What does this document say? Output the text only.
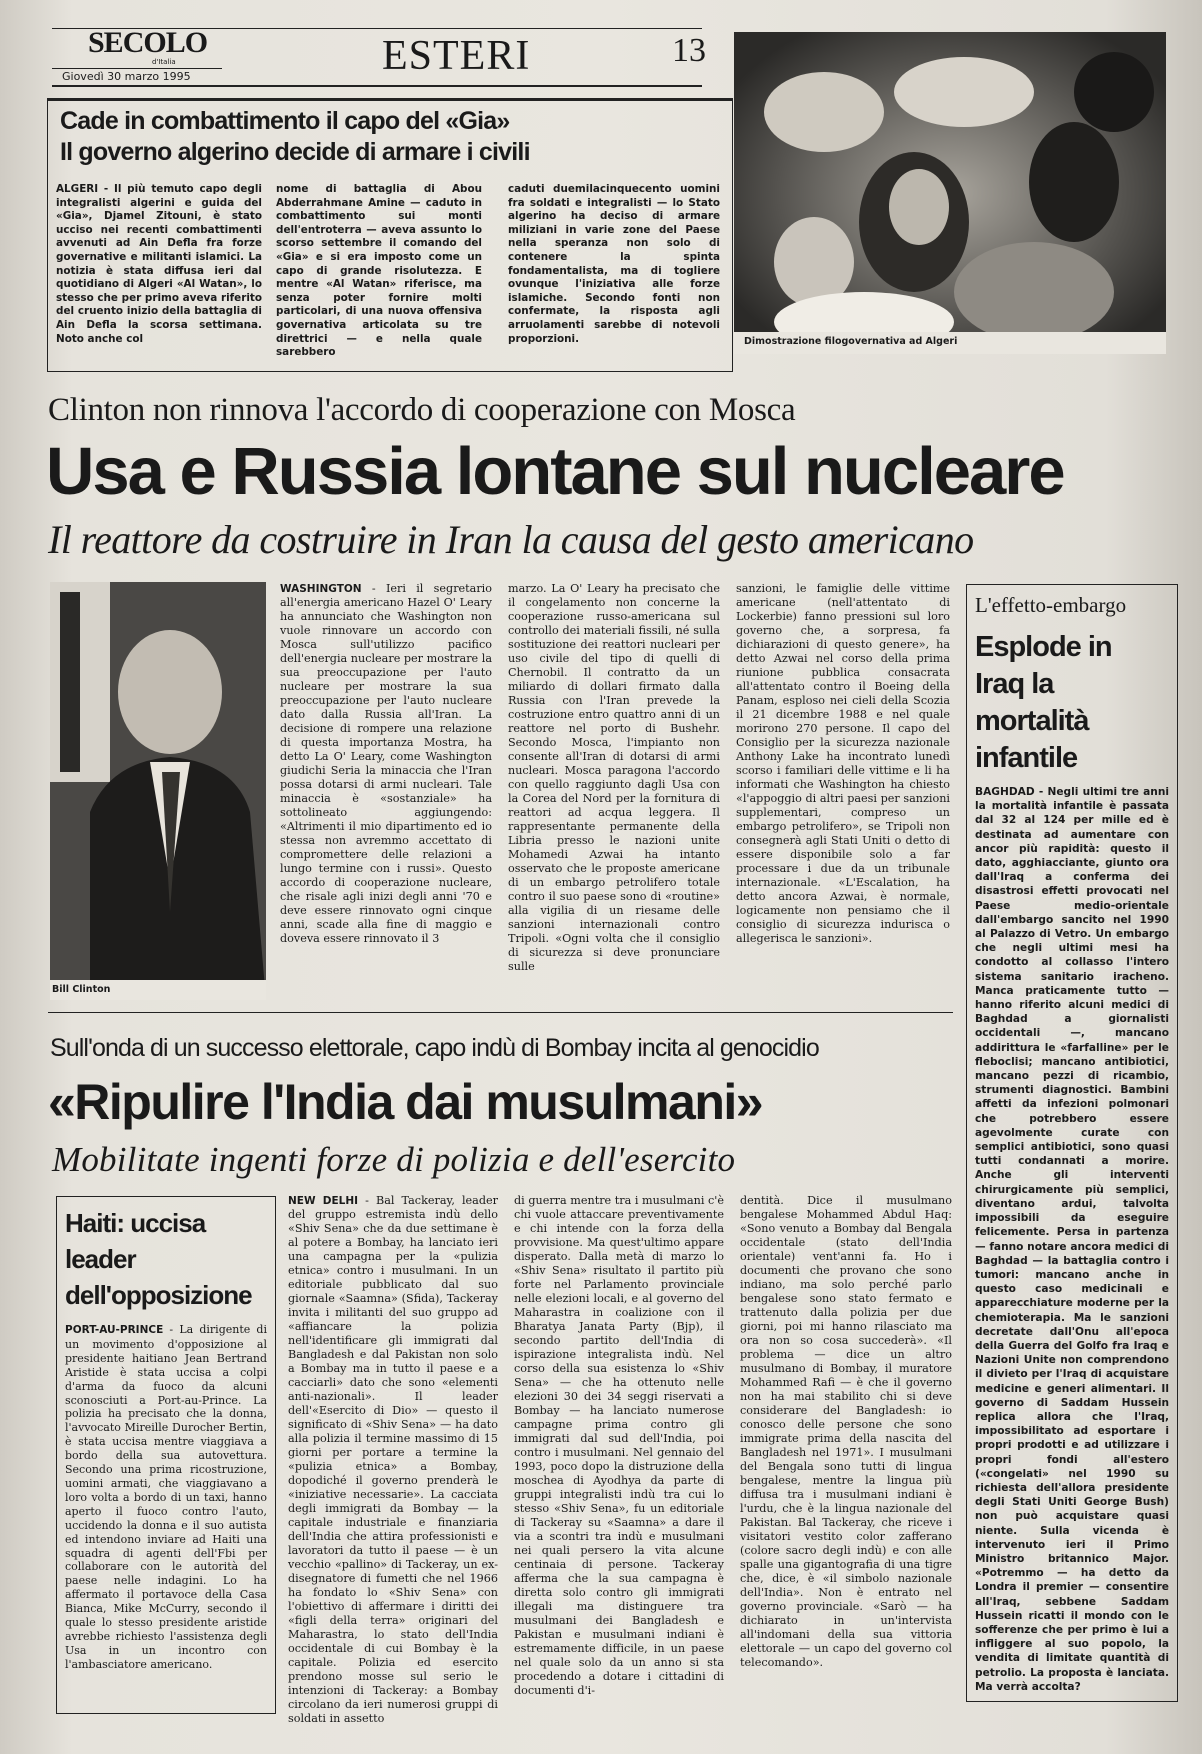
SECOLO
d'Italia
Giovedì 30 marzo 1995	ESTERI	13
Cade in combattimento il capo del «Gia»
Il governo algerino decide di armare i civili

ALGERI - Il più temuto capo degli integralisti algerini e guida del «Gia», Djamel Zitouni, è stato ucciso nei recenti combattimenti avvenuti ad Ain Defla fra forze governative e militanti islamici. La notizia è stata diffusa ieri dal quotidiano di Algeri «Al Watan», lo stesso che per primo aveva riferito del cruento inizio della battaglia di Ain Defla la scorsa settimana. Noto anche col

nome di battaglia di Abou Abderrahmane Amine — caduto in combattimento sui monti dell'entroterra — aveva assunto lo scorso settembre il comando del «Gia» e si era imposto come un capo di grande risolutezza. E mentre «Al Watan» riferisce, ma senza poter fornire molti particolari, di una nuova offensiva governativa articolata su tre direttrici — e nella quale sarebbero

caduti duemilacinquecento uomini fra soldati e integralisti — lo Stato algerino ha deciso di armare miliziani in varie zone del Paese nella speranza non solo di contenere la spinta fondamentalista, ma di togliere ovunque l'iniziativa alle forze islamiche. Secondo fonti non confermate, la risposta agli arruolamenti sarebbe di notevoli proporzioni.	Dimostrazione filogovernativa ad Algeri
Clinton non rinnova l'accordo di cooperazione con Mosca
Usa e Russia lontane sul nucleare
Il reattore da costruire in Iran la causa del gesto americano
Bill Clinton

WASHINGTON - Ieri il segretario all'energia americano Hazel O' Leary ha annunciato che Washington non vuole rinnovare un accordo con Mosca sull'utilizzo pacifico dell'energia nucleare per mostrare la sua preoccupazione per l'auto nucleare per mostrare la sua preoccupazione per l'auto nucleare dato dalla Russia all'Iran. La decisione di rompere una relazione di questa importanza Mostra, ha detto La O' Leary, come Washington giudichi Seria la minaccia che l'Iran possa dotarsi di armi nucleari. Tale minaccia è «sostanziale» ha sottolineato aggiungendo: «Altrimenti il mio dipartimento ed io stessa non avremmo accettato di compromettere delle relazioni a lungo termine con i russi». Questo accordo di cooperazione nucleare, che risale agli inizi degli anni '70 e deve essere rinnovato ogni cinque anni, scade alla fine di maggio e doveva essere rinnovato il 3

marzo. La O' Leary ha precisato che il congelamento non concerne la cooperazione russo-americana sul controllo dei materiali fissili, né sulla sostituzione dei reattori nucleari per uso civile del tipo di quelli di Chernobil. Il contratto da un miliardo di dollari firmato dalla Russia con l'Iran prevede la costruzione entro quattro anni di un reattore nel porto di Bushehr. Secondo Mosca, l'impianto non consente all'Iran di dotarsi di armi nucleari. Mosca paragona l'accordo con quello raggiunto dagli Usa con la Corea del Nord per la fornitura di reattori ad acqua leggera. Il rappresentante permanente della Libria presso le nazioni unite Mohamedi Azwai ha intanto osservato che le proposte americane di un embargo petrolifero totale contro il suo paese sono di «routine» alla vigilia di un riesame delle sanzioni internazionali contro Tripoli. «Ogni volta che il consiglio di sicurezza si deve pronunciare sulle

sanzioni, le famiglie delle vittime americane (nell'attentato di Lockerbie) fanno pressioni sul loro governo che, a sorpresa, fa dichiarazioni di questo genere», ha detto Azwai nel corso della prima riunione pubblica consacrata all'attentato contro il Boeing della Panam, esploso nei cieli della Scozia il 21 dicembre 1988 e nel quale morirono 270 persone. Il capo del Consiglio per la sicurezza nazionale Anthony Lake ha incontrato lunedì scorso i familiari delle vittime e li ha informati che Washington ha chiesto «l'appoggio di altri paesi per sanzioni supplementari, compreso un embargo petrolifero», se Tripoli non consegnerà agli Stati Uniti o detto di essere disponibile solo a far processare i due da un tribunale internazionale. «L'Escalation, ha detto ancora Azwai, è normale, logicamente non pensiamo che il consiglio di sicurezza indurisca o allegerisca le sanzioni».

L'effetto-embargo
Esplode in Iraq la mortalità infantile

BAGHDAD - Negli ultimi tre anni la mortalità infantile è passata dal 32 al 124 per mille ed è destinata ad aumentare con ancor più rapidità: questo il dato, agghiacciante, giunto ora dall'Iraq a conferma dei disastrosi effetti provocati nel Paese medio-orientale dall'embargo sancito nel 1990 al Palazzo di Vetro. Un embargo che negli ultimi mesi ha condotto al collasso l'intero sistema sanitario iracheno. Manca praticamente tutto — hanno riferito alcuni medici di Baghdad a giornalisti occidentali —, mancano addirittura le «farfalline» per le fleboclisi; mancano antibiotici, mancano pezzi di ricambio, strumenti diagnostici. Bambini affetti da infezioni polmonari che potrebbero essere agevolmente curate con semplici antibiotici, sono quasi tutti condannati a morire. Anche gli interventi chirurgicamente più semplici, diventano ardui, talvolta impossibili da eseguire felicemente. Persa in partenza — fanno notare ancora medici di Baghdad — la battaglia contro i tumori: mancano anche in questo caso medicinali e apparecchiature moderne per la chemioterapia. Ma le sanzioni decretate dall'Onu all'epoca della Guerra del Golfo fra Iraq e Nazioni Unite non comprendono il divieto per l'Iraq di acquistare medicine e generi alimentari. Il governo di Saddam Hussein replica allora che l'Iraq, impossibilitato ad esportare i propri prodotti e ad utilizzare i propri fondi all'estero («congelati» nel 1990 su richiesta dell'allora presidente degli Stati Uniti George Bush) non può acquistare quasi niente. Sulla vicenda è intervenuto ieri il Primo Ministro britannico Major. «Potremmo — ha detto da Londra il premier — consentire all'Iraq, sebbene Saddam Hussein ricatti il mondo con le sofferenze che per primo è lui a infliggere al suo popolo, la vendita di limitate quantità di petrolio. La proposta è lanciata. Ma verrà accolta?

Sull'onda di un successo elettorale, capo indù di Bombay incita al genocidio
«Ripulire l'India dai musulmani»
Mobilitate ingenti forze di polizia e dell'esercito

NEW DELHI - Bal Tackeray, leader del gruppo estremista indù dello «Shiv Sena» che da due settimane è al potere a Bombay, ha lanciato ieri una campagna per la «pulizia etnica» contro i musulmani. In un editoriale pubblicato dal suo giornale «Saamna» (Sfida), Tackeray invita i militanti del suo gruppo ad «affiancare la polizia nell'identificare gli immigrati dal Bangladesh e dal Pakistan non solo a Bombay ma in tutto il paese e a cacciarli» dato che sono «elementi anti-nazionali». Il leader dell'«Esercito di Dio» — questo il significato di «Shiv Sena» — ha dato alla polizia il termine massimo di 15 giorni per portare a termine la «pulizia etnica» a Bombay, dopodiché il governo prenderà le «iniziative necessarie». La cacciata degli immigrati da Bombay — la capitale industriale e finanziaria dell'India che attira professionisti e lavoratori da tutto il paese — è un vecchio «pallino» di Tackeray, un ex-disegnatore di fumetti che nel 1966 ha fondato lo «Shiv Sena» con l'obiettivo di affermare i diritti dei «figli della terra» originari del Maharastra, lo stato dell'India occidentale di cui Bombay è la capitale. Polizia ed esercito prendono mosse sul serio le intenzioni di Tackeray: a Bombay circolano da ieri numerosi gruppi di soldati in assetto

di guerra mentre tra i musulmani c'è chi vuole attaccare preventivamente e chi intende con la forza della provvisione. Ma quest'ultimo appare disperato. Dalla metà di marzo lo «Shiv Sena» risultato il partito più forte nel Parlamento provinciale nelle elezioni locali, e al governo del Maharastra in coalizione con il Bharatya Janata Party (Bjp), il secondo partito dell'India di ispirazione integralista indù. Nel corso della sua esistenza lo «Shiv Sena» — che ha ottenuto nelle elezioni 30 dei 34 seggi riservati a Bombay — ha lanciato numerose campagne prima contro gli immigrati dal sud dell'India, poi contro i musulmani. Nel gennaio del 1993, poco dopo la distruzione della moschea di Ayodhya da parte di gruppi integralisti indù tra cui lo stesso «Shiv Sena», fu un editoriale di Tackeray su «Saamna» a dare il via a scontri tra indù e musulmani nei quali persero la vita alcune centinaia di persone. Tackeray afferma che la sua campagna è diretta solo contro gli immigrati illegali ma distinguere tra musulmani dei Bangladesh e Pakistan e musulmani indiani è estremamente difficile, in un paese nel quale solo da un anno si sta procedendo a dotare i cittadini di documenti d'i-

dentità. Dice il musulmano bengalese Mohammed Abdul Haq: «Sono venuto a Bombay dal Bengala occidentale (stato dell'India orientale) vent'anni fa. Ho i documenti che provano che sono indiano, ma solo perché parlo bengalese sono stato fermato e trattenuto dalla polizia per due giorni, poi mi hanno rilasciato ma ora non so cosa succederà». «Il problema — dice un altro musulmano di Bombay, il muratore Mohammed Rafi — è che il governo non ha mai stabilito chi si deve considerare del Bangladesh: io conosco delle persone che sono immigrate prima della nascita del Bangladesh nel 1971». I musulmani del Bengala sono tutti di lingua bengalese, mentre la lingua più diffusa tra i musulmani indiani è l'urdu, che è la lingua nazionale del Pakistan. Bal Tackeray, che riceve i visitatori vestito color zafferano (colore sacro degli indù) e con alle spalle una gigantografia di una tigre che, dice, è «il simbolo nazionale dell'India». Non è entrato nel governo provinciale. «Sarò — ha dichiarato in un'intervista all'indomani della sua vittoria elettorale — un capo del governo col telecomando».

Haiti: uccisa leader dell'opposizione

PORT-AU-PRINCE - La dirigente di un movimento d'opposizione al presidente haitiano Jean Bertrand Aristide è stata uccisa a colpi d'arma da fuoco da alcuni sconosciuti a Port-au-Prince. La polizia ha precisato che la donna, l'avvocato Mireille Durocher Bertin, è stata uccisa mentre viaggiava a bordo della sua autovettura. Secondo una prima ricostruzione, uomini armati, che viaggiavano a loro volta a bordo di un taxi, hanno aperto il fuoco contro l'auto, uccidendo la donna e il suo autista ed intendono inviare ad Haiti una squadra di agenti dell'Fbi per collaborare con le autorità del paese nelle indagini. Lo ha affermato il portavoce della Casa Bianca, Mike McCurry, secondo il quale lo stesso presidente aristide avrebbe richiesto l'assistenza degli Usa in un incontro con l'ambasciatore americano.
